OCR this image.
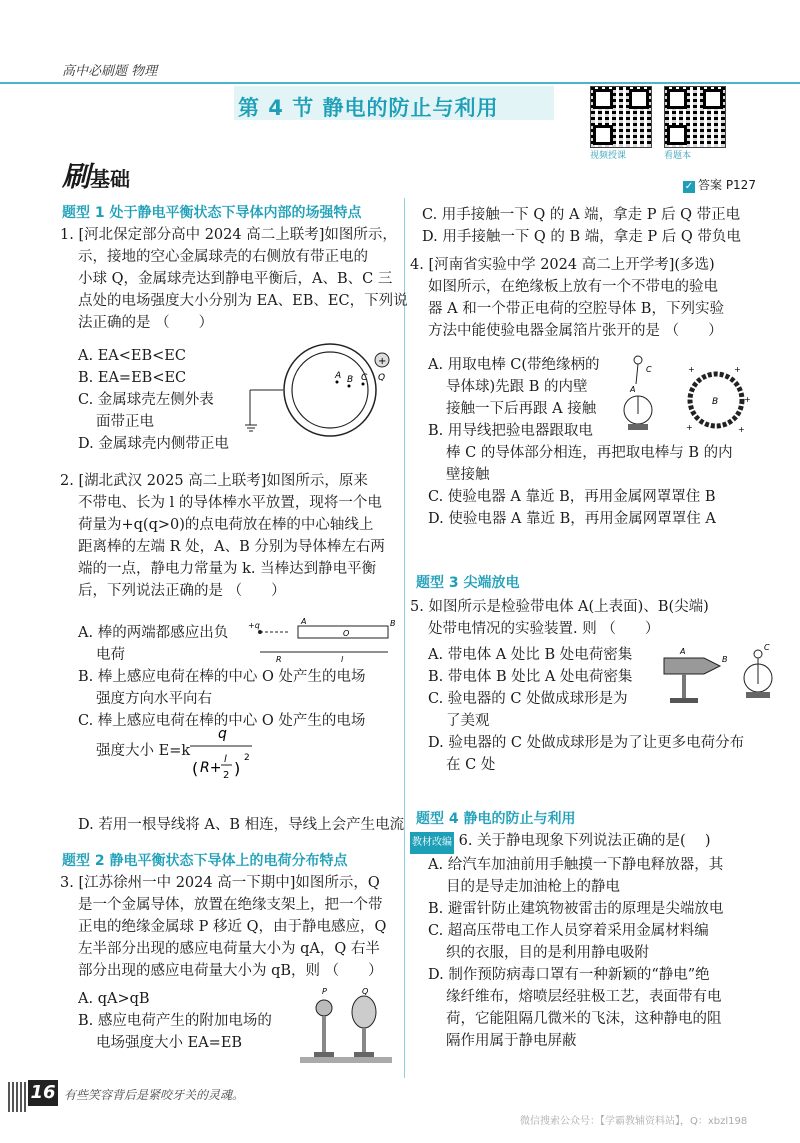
高中必刷题 物理
第 4 节 静电的防止与利用
视频授课	看题本
刷基础	✓ 答案 P127
题型 1 处于静电平衡状态下导体内部的场强特点
1. [河北保定部分高中 2024 高二上联考]如图所示，
示，接地的空心金属球壳的右侧放有带正电的
小球 Q，金属球壳达到静电平衡后，A、B、C 三
点处的电场强度大小分别为 EA、EB、EC，下列说
法正确的是 （　　）
A. EA<EB<EC
B. EA=EB<EC
C. 金属球壳左侧外表
面带正电
D. 金属球壳内侧带正电
A B C
+
Q
2. [湖北武汉 2025 高二上联考]如图所示，原来
不带电、长为 l 的导体棒水平放置，现将一个电
荷量为+q(q>0)的点电荷放在棒的中心轴线上
距离棒的左端 R 处，A、B 分别为导体棒左右两
端的一点，静电力常量为 k. 当棒达到静电平衡
后，下列说法正确的是 （　　）
A. 棒的两端都感应出负
电荷
B. 棒上感应电荷在棒的中心 O 处产生的电场
强度方向水平向右
C. 棒上感应电荷在棒的中心 O 处产生的电场
强度大小 E=k
q
( R+
l
2 )
2
D. 若用一根导线将 A、B 相连，导线上会产生电流
+q	A
O
B
R	l
题型 2 静电平衡状态下导体上的电荷分布特点
3. [江苏徐州一中 2024 高一下期中]如图所示，Q
是一个金属导体，放置在绝缘支架上，把一个带
正电的绝缘金属球 P 移近 Q，由于静电感应，Q
左半部分出现的感应电荷量大小为 qA，Q 右半
部分出现的感应电荷量大小为 qB，则 （　　）
A. qA>qB
B. 感应电荷产生的附加电场的
电场强度大小 EA=EB
P	Q
C. 用手接触一下 Q 的 A 端，拿走 P 后 Q 带正电
D. 用手接触一下 Q 的 B 端，拿走 P 后 Q 带负电
4. [河南省实验中学 2024 高二上开学考](多选)
如图所示，在绝缘板上放有一个不带电的验电
器 A 和一个带正电荷的空腔导体 B，下列实验
方法中能使验电器金属箔片张开的是 （　　）
A. 用取电棒 C(带绝缘柄的
导体球)先跟 B 的内壁
接触一下后再跟 A 接触
B. 用导线把验电器跟取电
棒 C 的导体部分相连，再把取电棒与 B 的内
壁接触
C. 使验电器 A 靠近 B，再用金属网罩罩住 B
D. 使验电器 A 靠近 B，再用金属网罩罩住 A
C
A
B
+	+
+
+	+
题型 3 尖端放电
5. 如图所示是检验带电体 A(上表面)、B(尖端)
处带电情况的实验装置. 则 （　　）
A. 带电体 A 处比 B 处电荷密集
B. 带电体 B 处比 A 处电荷密集
C. 验电器的 C 处做成球形是为
了美观
D. 验电器的 C 处做成球形是为了让更多电荷分布
在 C 处
A
B
C
题型 4 静电的防止与利用
教材改编 6. 关于静电现象下列说法正确的是( 　)
A. 给汽车加油前用手触摸一下静电释放器，其
目的是导走加油枪上的静电
B. 避雷针防止建筑物被雷击的原理是尖端放电
C. 超高压带电工作人员穿着采用金属材料编
织的衣服，目的是利用静电吸附
D. 制作预防病毒口罩有一种新颖的“静电”绝
缘纤维布，熔喷层经驻极工艺，表面带有电
荷，它能阻隔几微米的飞沫，这种静电的阻
隔作用属于静电屏蔽
16 有些笑容背后是紧咬牙关的灵魂。
微信搜索公众号：【学霸教辅资料站】，Q：xbzl198
